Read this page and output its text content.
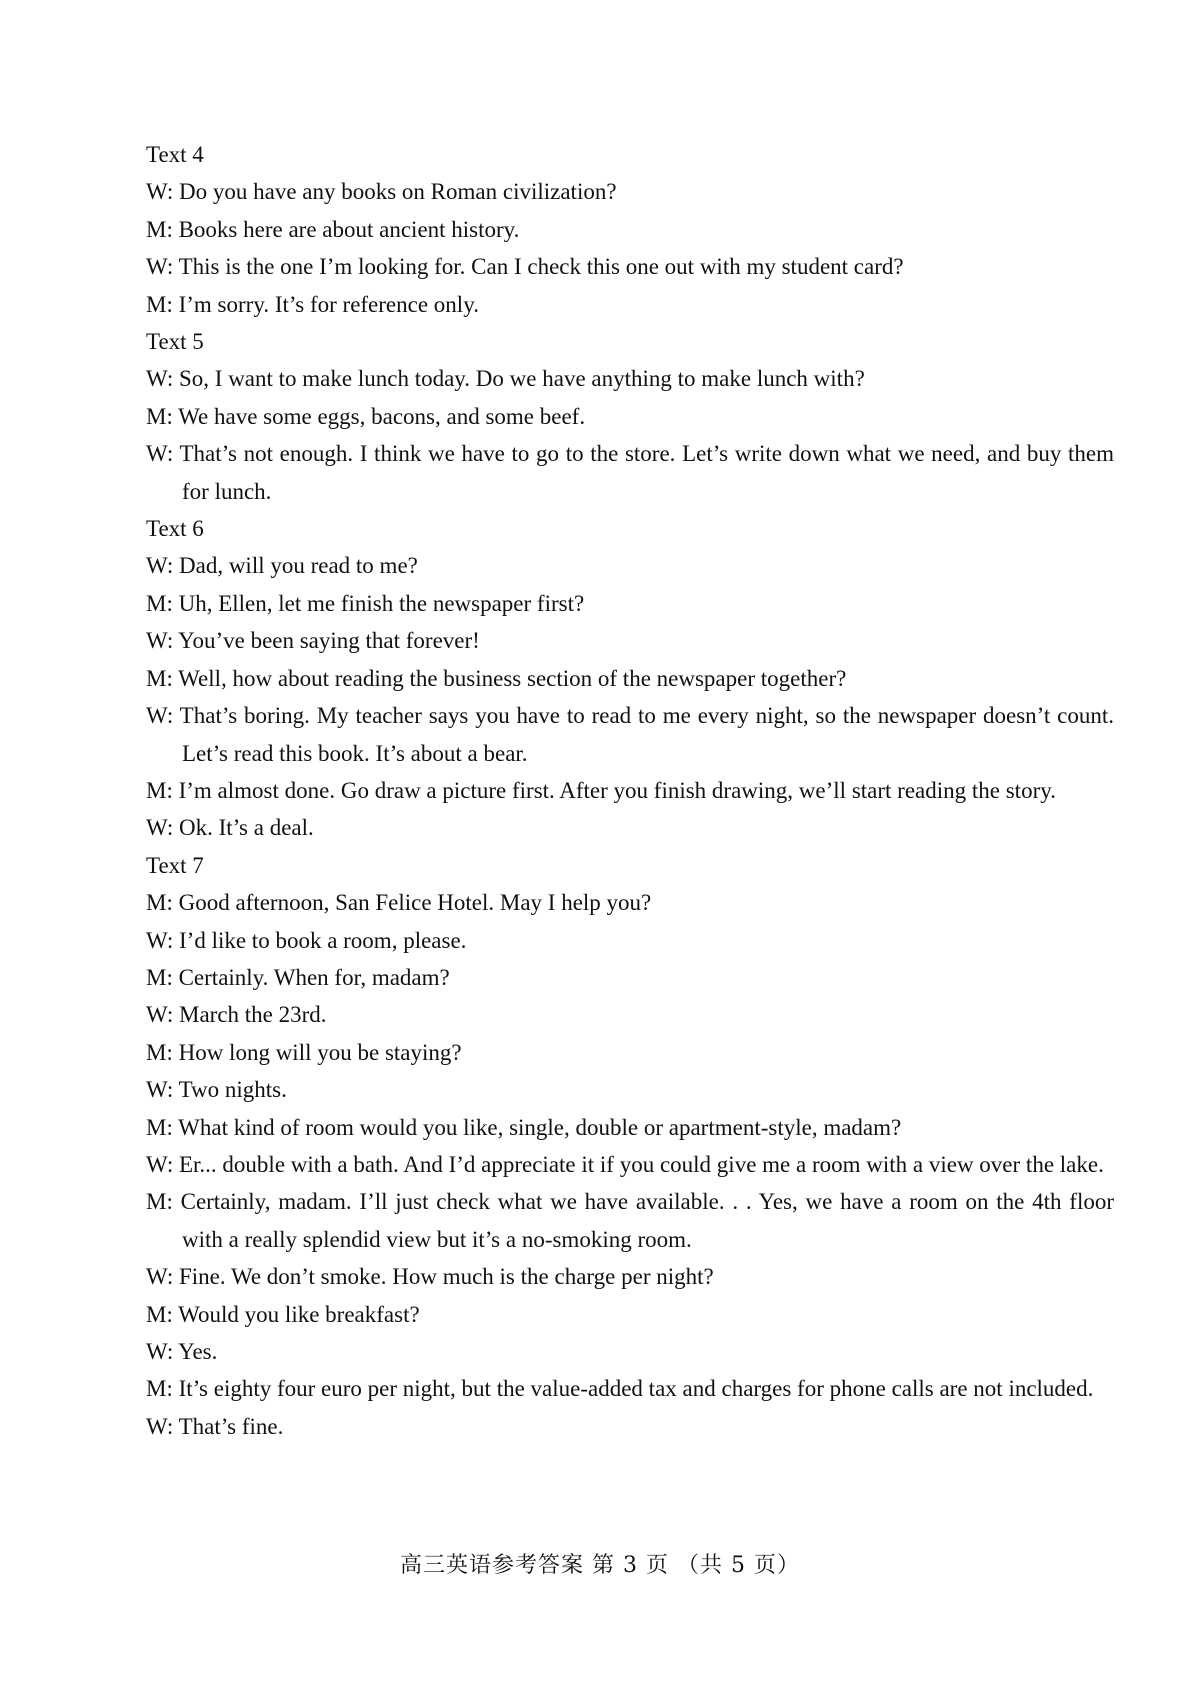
Text 4

W: Do you have any books on Roman civilization?

M: Books here are about ancient history.

W: This is the one I’m looking for. Can I check this one out with my student card?

M: I’m sorry. It’s for reference only.

Text 5

W: So, I want to make lunch today. Do we have anything to make lunch with?

M: We have some eggs, bacons, and some beef.

W: That’s not enough. I think we have to go to the store. Let’s write down what we need, and buy them for lunch.

Text 6

W: Dad, will you read to me?

M: Uh, Ellen, let me finish the newspaper first?

W: You’ve been saying that forever!

M: Well, how about reading the business section of the newspaper together?

W: That’s boring. My teacher says you have to read to me every night, so the newspaper doesn’t count. Let’s read this book. It’s about a bear.

M: I’m almost done. Go draw a picture first. After you finish drawing, we’ll start reading the story.

W: Ok. It’s a deal.

Text 7

M: Good afternoon, San Felice Hotel. May I help you?

W: I’d like to book a room, please.

M: Certainly. When for, madam?

W: March the 23rd.

M: How long will you be staying?

W: Two nights.

M: What kind of room would you like, single, double or apartment-style, madam?

W: Er... double with a bath. And I’d appreciate it if you could give me a room with a view over the lake.

M: Certainly, madam. I’ll just check what we have available. . . Yes, we have a room on the 4th floor with a really splendid view but it’s a no-smoking room.

W: Fine. We don’t smoke. How much is the charge per night?

M: Would you like breakfast?

W: Yes.

M: It’s eighty four euro per night, but the value-added tax and charges for phone calls are not included.

W: That’s fine.

高三英语参考答案 第 3 页 （共 5 页）
